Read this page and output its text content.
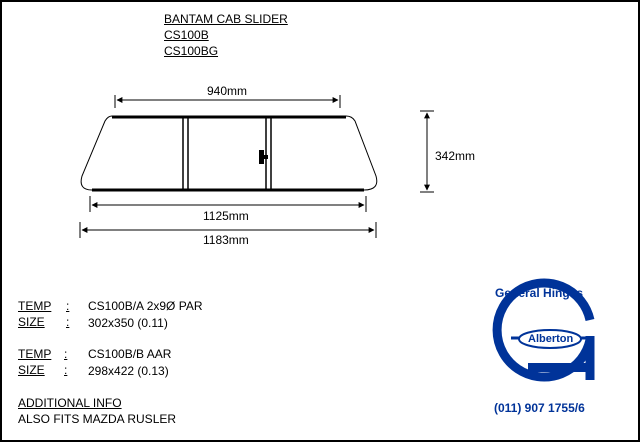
BANTAM CAB SLIDER
CS100B
CS100BG
940mm
342mm
1125mm
1183mm
TEMP : CS100B/A 2x9Ø PAR
SIZE : 302x350 (0.11)
TEMP : CS100B/B AAR
SIZE : 298x422 (0.13)
ADDITIONAL INFO
ALSO FITS MAZDA RUSLER
General Hinges
Alberton
(011) 907 1755/6
